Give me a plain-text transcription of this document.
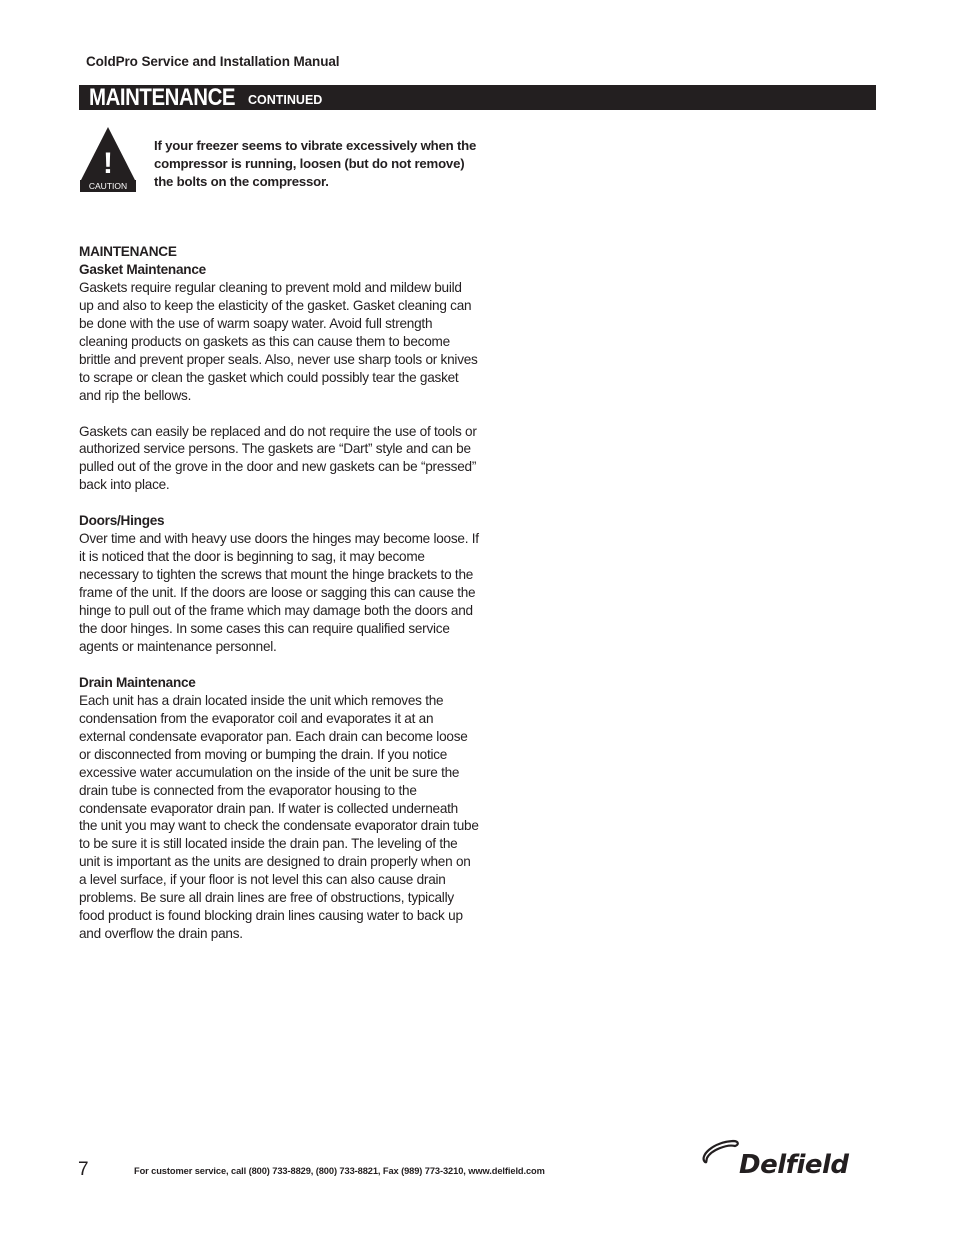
ColdPro Service and Installation Manual
MAINTENANCE CONTINUED
!
CAUTION
If your freezer seems to vibrate excessively when the compressor is running, loosen (but do not remove) the bolts on the compressor.

MAINTENANCE

Gasket Maintenance

Gaskets require regular cleaning to prevent mold and mildew build up and also to keep the elasticity of the gasket. Gasket cleaning can be done with the use of warm soapy water. Avoid full strength cleaning products on gaskets as this can cause them to become brittle and prevent proper seals. Also, never use sharp tools or knives to scrape or clean the gasket which could possibly tear the gasket and rip the bellows.

Gaskets can easily be replaced and do not require the use of tools or authorized service persons. The gaskets are “Dart” style and can be pulled out of the grove in the door and new gaskets can be “pressed” back into place.

Doors/Hinges

Over time and with heavy use doors the hinges may become loose. If it is noticed that the door is beginning to sag, it may become necessary to tighten the screws that mount the hinge brackets to the frame of the unit. If the doors are loose or sagging this can cause the hinge to pull out of the frame which may damage both the doors and the door hinges. In some cases this can require qualified service agents or maintenance personnel.

Drain Maintenance

Each unit has a drain located inside the unit which removes the condensation from the evaporator coil and evaporates it at an external condensate evaporator pan. Each drain can become loose or disconnected from moving or bumping the drain. If you notice excessive water accumulation on the inside of the unit be sure the drain tube is connected from the evaporator housing to the condensate evaporator drain pan. If water is collected underneath the unit you may want to check the condensate evaporator drain tube to be sure it is still located inside the drain pan. The leveling of the unit is important as the units are designed to drain properly when on a level surface, if your floor is not level this can also cause drain problems. Be sure all drain lines are free of obstructions, typically food product is found blocking drain lines causing water to back up and overflow the drain pans.

7	For customer service, call (800) 733-8829, (800) 733-8821, Fax (989) 773-3210, www.delfield.com	Delfield
